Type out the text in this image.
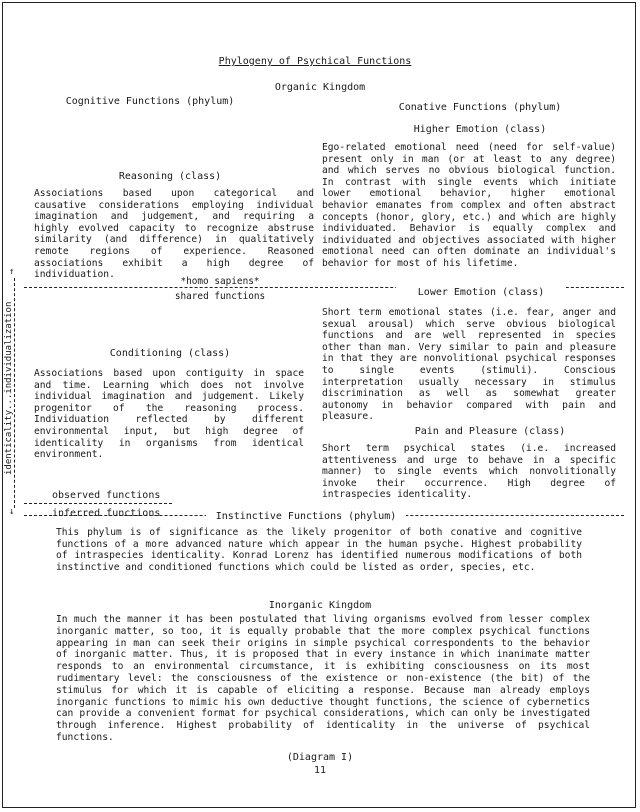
Phylogeny of Psychical Functions
Organic Kingdom
Cognitive Functions (phylum)
Conative Functions (phylum)
Higher Emotion (class)
Ego-related emotional need (need for self-value) present only in man (or at least to any degree) and which serves no obvious biological function. In contrast with single events which initiate lower emotional behavior, higher emotional behavior emanates from complex and often abstract concepts (honor, glory, etc.) and which are highly individuated. Behavior is equally complex and individuated and objectives associated with higher emotional need can often dominate an individual's behavior for most of his lifetime.
Reasoning (class)
Associations based upon categorical and causative considerations employing individual imagination and judgement, and requiring a highly evolved capacity to recognize abstruse similarity (and difference) in qualitatively remote regions of experience. Reasoned associations exhibit a high degree of individuation.
*homo sapiens*
shared functions	Lower Emotion (class)
Short term emotional states (i.e. fear, anger and sexual arousal) which serve obvious biological functions and are well represented in species other than man. Very similar to pain and pleasure in that they are nonvolitional psychical responses to single events (stimuli). Conscious interpretation usually necessary in stimulus discrimination as well as somewhat greater autonomy in behavior compared with pain and pleasure.
Conditioning (class)
Associations based upon contiguity in space and time. Learning which does not involve individual imagination and judgement. Likely progenitor of the reasoning process. Individuation reflected by different environmental input, but high degree of identicality in organisms from identical environment.
Pain and Pleasure (class)
Short term psychical states (i.e. increased attentiveness and urge to behave in a specific manner) to single events which nonvolitionally invoke their occurrence. High degree of intraspecies identicality.
↑
identicality...individualization
↓
observed functions
inferred functions	Instinctive Functions (phylum)
This phylum is of significance as the likely progenitor of both conative and cognitive functions of a more advanced nature which appear in the human psyche. Highest probability of intraspecies identicality. Konrad Lorenz has identified numerous modifications of both instinctive and conditioned functions which could be listed as order, species, etc.
Inorganic Kingdom
In much the manner it has been postulated that living organisms evolved from lesser complex inorganic matter, so too, it is equally probable that the more complex psychical functions appearing in man can seek their origins in simple psychical correspondents to the behavior of inorganic matter. Thus, it is proposed that in every instance in which inanimate matter responds to an environmental circumstance, it is exhibiting consciousness on its most rudimentary level: the consciousness of the existence or non-existence (the bit) of the stimulus for which it is capable of eliciting a response. Because man already employs inorganic functions to mimic his own deductive thought functions, the science of cybernetics can provide a convenient format for psychical considerations, which can only be investigated through inference. Highest probability of identicality in the universe of psychical functions.
(Diagram I)
11
